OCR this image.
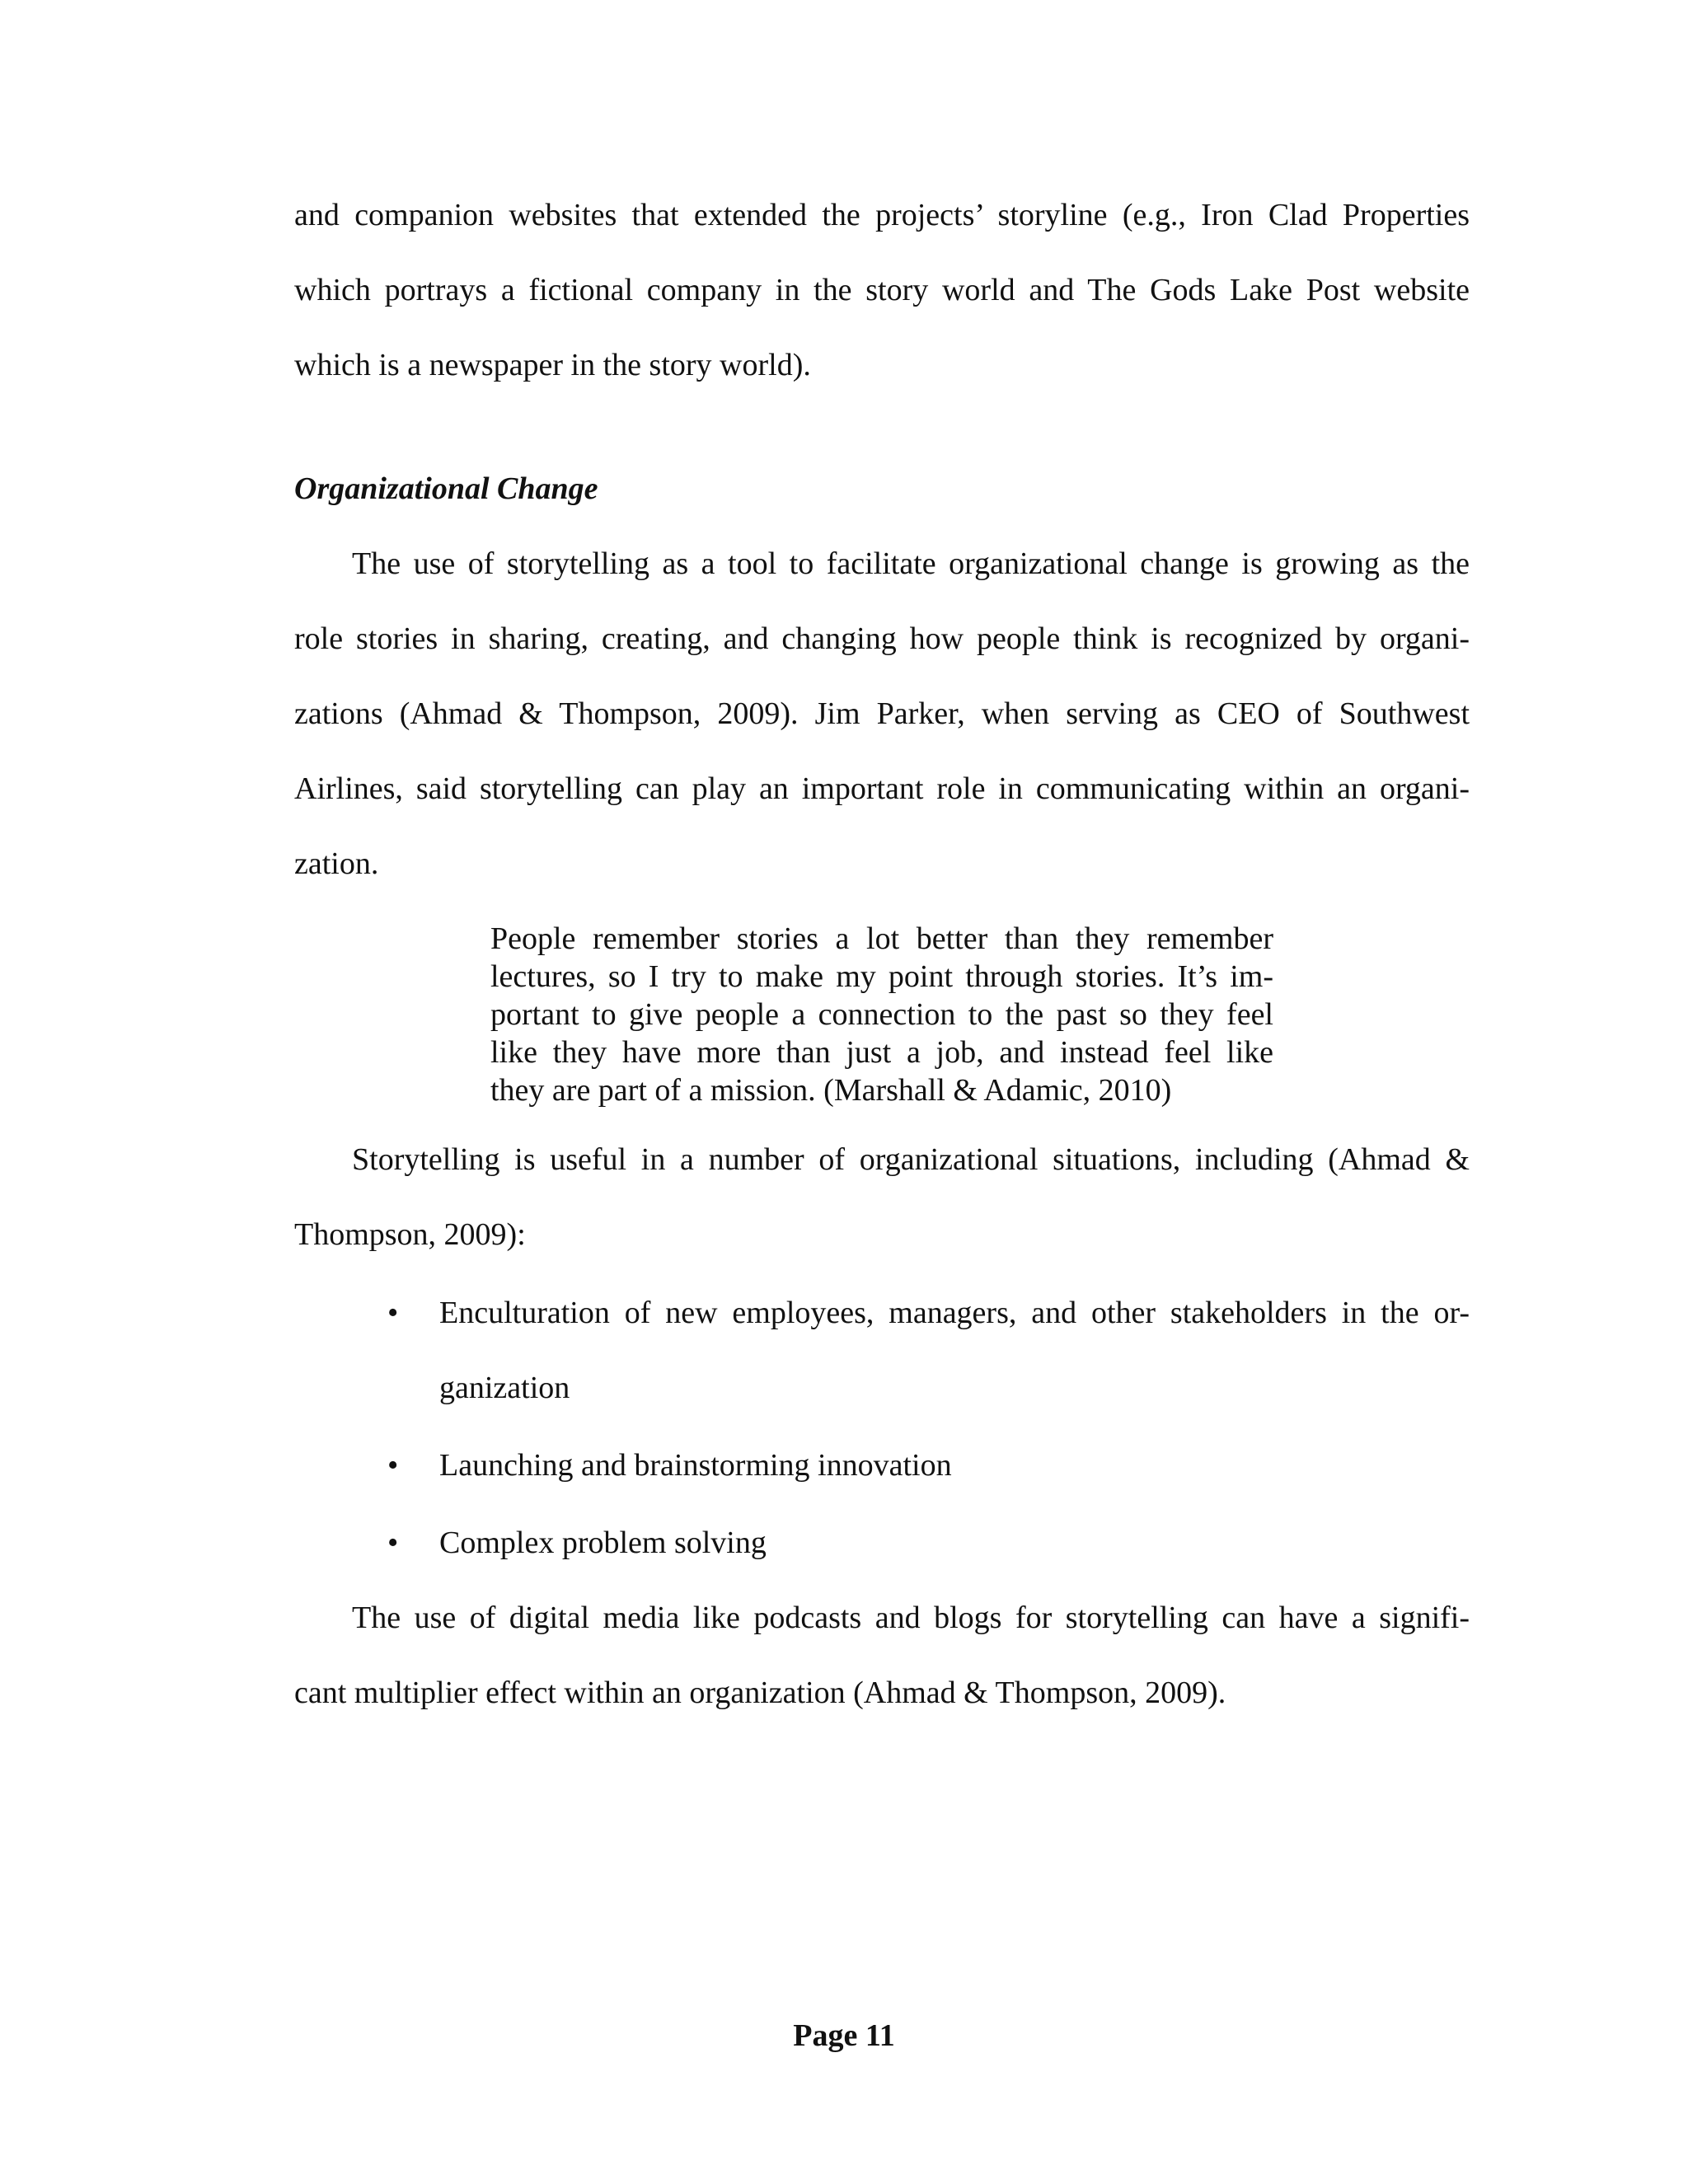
and companion websites that extended the projects’ storyline (e.g., Iron Clad Properties
which portrays a fictional company in the story world and The Gods Lake Post website
which is a newspaper in the story world).
Organizational Change
The use of storytelling as a tool to facilitate organizational change is growing as the
role stories in sharing, creating, and changing how people think is recognized by organi-
zations (Ahmad & Thompson, 2009). Jim Parker, when serving as CEO of Southwest
Airlines, said storytelling can play an important role in communicating within an organi-
zation.
People remember stories a lot better than they remember
lectures, so I try to make my point through stories. It’s im-
portant to give people a connection to the past so they feel
like they have more than just a job, and instead feel like
they are part of a mission. (Marshall & Adamic, 2010)
Storytelling is useful in a number of organizational situations, including (Ahmad &
Thompson, 2009):
• Enculturation of new employees, managers, and other stakeholders in the or-
ganization
• Launching and brainstorming innovation
• Complex problem solving
The use of digital media like podcasts and blogs for storytelling can have a signifi-
cant multiplier effect within an organization (Ahmad & Thompson, 2009).
Page 11
